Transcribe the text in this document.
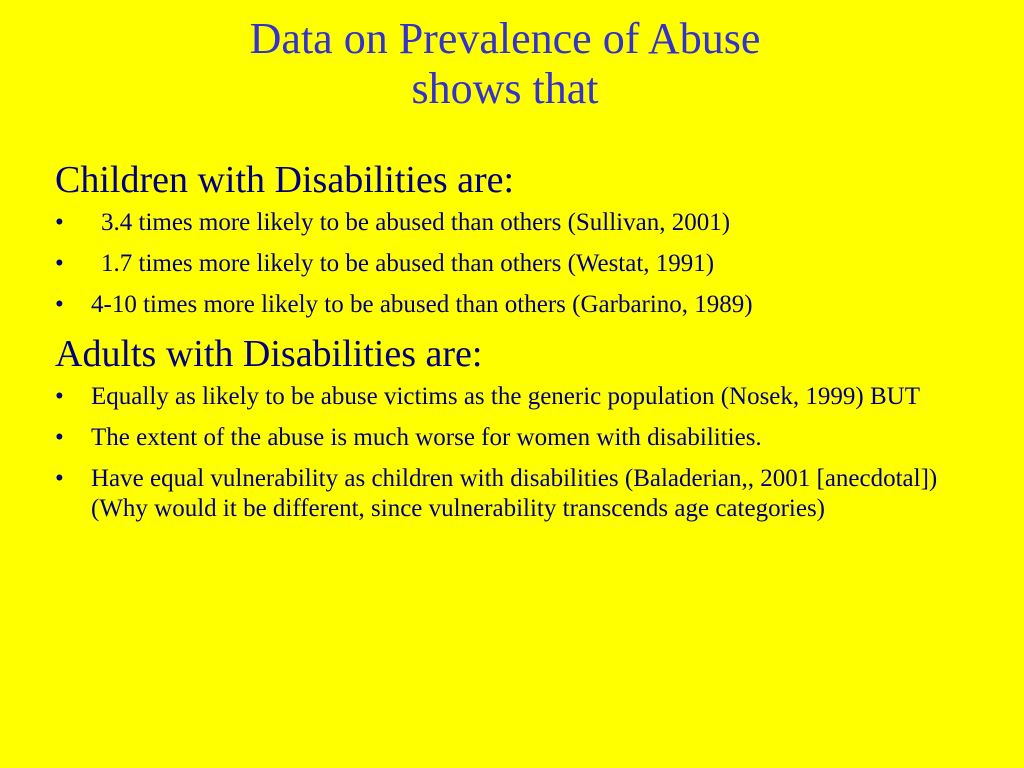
Data on Prevalence of Abuse
shows that
Children with Disabilities are:
•	3.4 times more likely to be abused than others (Sullivan, 2001)
•	1.7 times more likely to be abused than others (Westat, 1991)
•	4-10 times more likely to be abused than others (Garbarino, 1989)
Adults with Disabilities are:
•	Equally as likely to be abuse victims as the generic population (Nosek, 1999) BUT
•	The extent of the abuse is much worse for women with disabilities.
•	Have equal vulnerability as children with disabilities (Baladerian,, 2001 [anecdotal]) (Why would it be different, since vulnerability transcends age categories)
